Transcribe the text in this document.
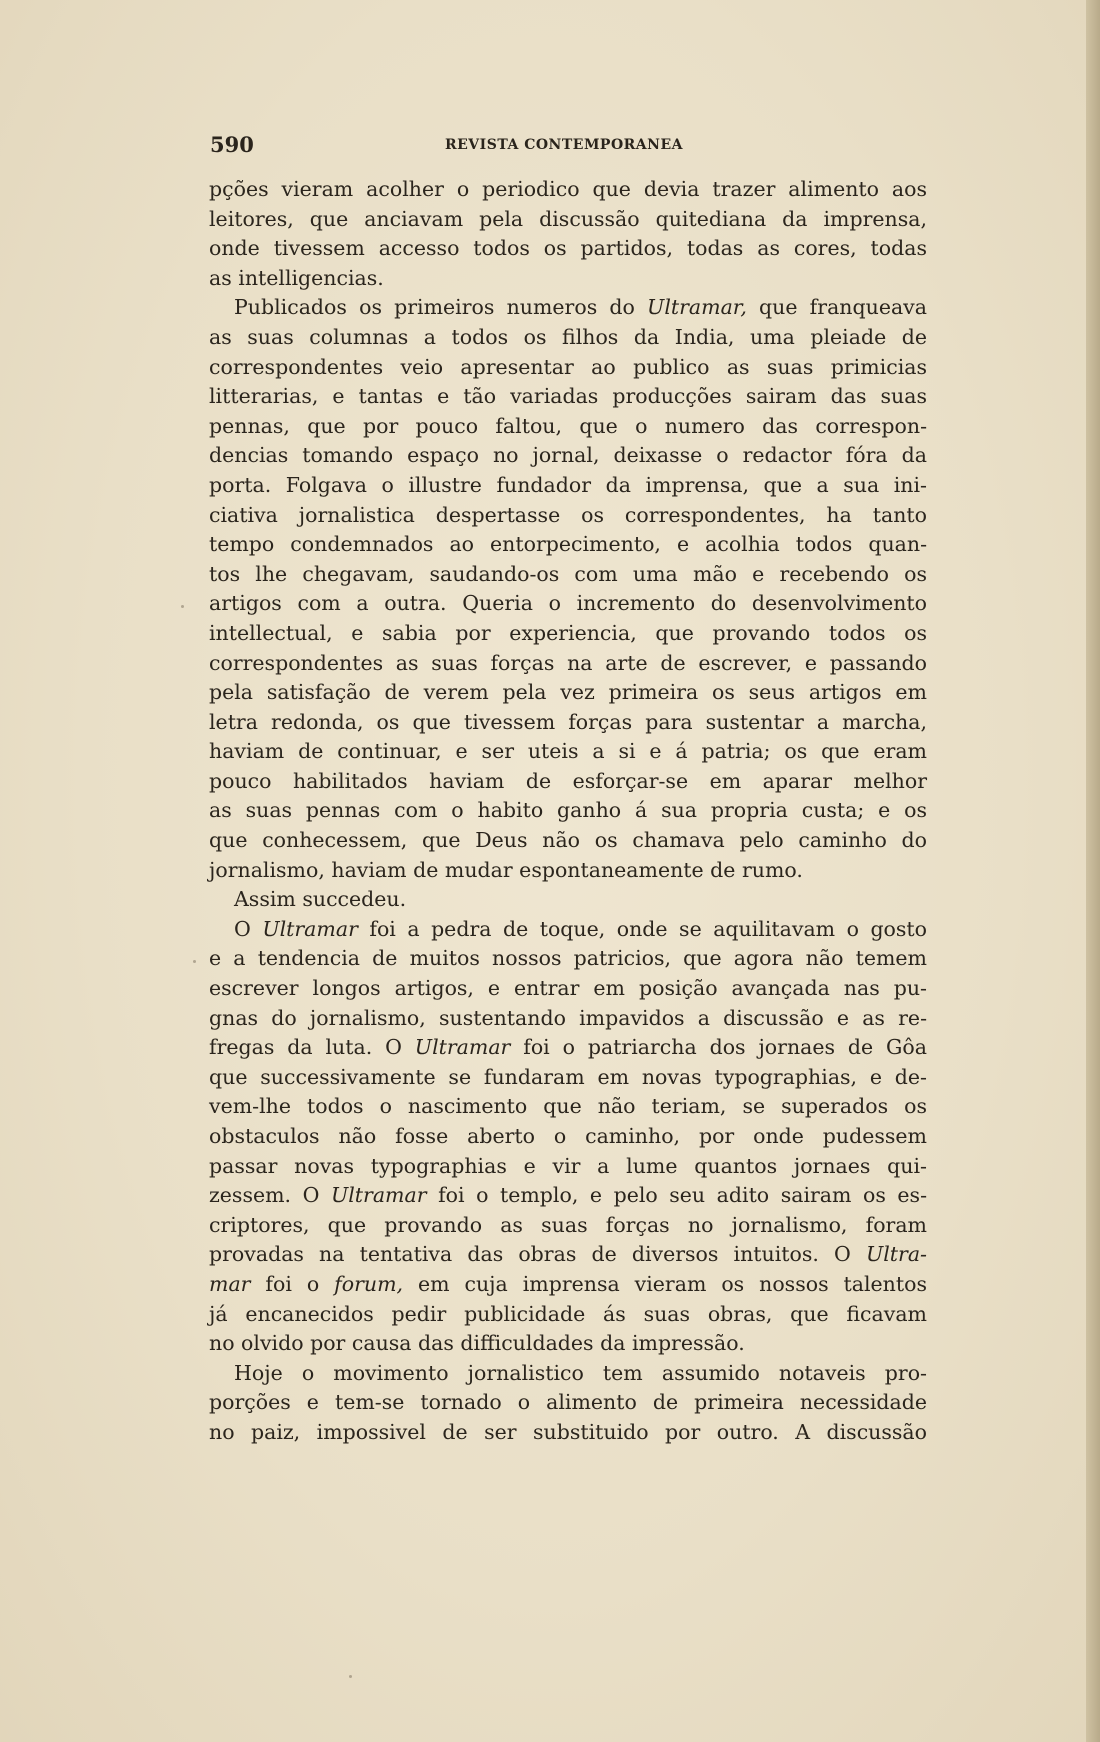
590	REVISTA CONTEMPORANEA

pções vieram acolher o periodico que devia trazer alimento aos

leitores, que anciavam pela discussão quitediana da imprensa,

onde tivessem accesso todos os partidos, todas as cores, todas

as intelligencias.

Publicados os primeiros numeros do Ultramar, que franqueava

as suas columnas a todos os filhos da India, uma pleiade de

correspondentes veio apresentar ao publico as suas primicias

litterarias, e tantas e tão variadas producções sairam das suas

pennas, que por pouco faltou, que o numero das correspon-

dencias tomando espaço no jornal, deixasse o redactor fóra da

porta. Folgava o illustre fundador da imprensa, que a sua ini-

ciativa jornalistica despertasse os correspondentes, ha tanto

tempo condemnados ao entorpecimento, e acolhia todos quan-

tos lhe chegavam, saudando-os com uma mão e recebendo os

artigos com a outra. Queria o incremento do desenvolvimento

intellectual, e sabia por experiencia, que provando todos os

correspondentes as suas forças na arte de escrever, e passando

pela satisfação de verem pela vez primeira os seus artigos em

letra redonda, os que tivessem forças para sustentar a marcha,

haviam de continuar, e ser uteis a si e á patria; os que eram

pouco habilitados haviam de esforçar-se em aparar melhor

as suas pennas com o habito ganho á sua propria custa; e os

que conhecessem, que Deus não os chamava pelo caminho do

jornalismo, haviam de mudar espontaneamente de rumo.

Assim succedeu.

O Ultramar foi a pedra de toque, onde se aquilitavam o gosto

e a tendencia de muitos nossos patricios, que agora não temem

escrever longos artigos, e entrar em posição avançada nas pu-

gnas do jornalismo, sustentando impavidos a discussão e as re-

fregas da luta. O Ultramar foi o patriarcha dos jornaes de Gôa

que successivamente se fundaram em novas typographias, e de-

vem-lhe todos o nascimento que não teriam, se superados os

obstaculos não fosse aberto o caminho, por onde pudessem

passar novas typographias e vir a lume quantos jornaes qui-

zessem. O Ultramar foi o templo, e pelo seu adito sairam os es-

criptores, que provando as suas forças no jornalismo, foram

provadas na tentativa das obras de diversos intuitos. O Ultra-

mar foi o forum, em cuja imprensa vieram os nossos talentos

já encanecidos pedir publicidade ás suas obras, que ficavam

no olvido por causa das difficuldades da impressão.

Hoje o movimento jornalistico tem assumido notaveis pro-

porções e tem-se tornado o alimento de primeira necessidade

no paiz, impossivel de ser substituido por outro. A discussão
